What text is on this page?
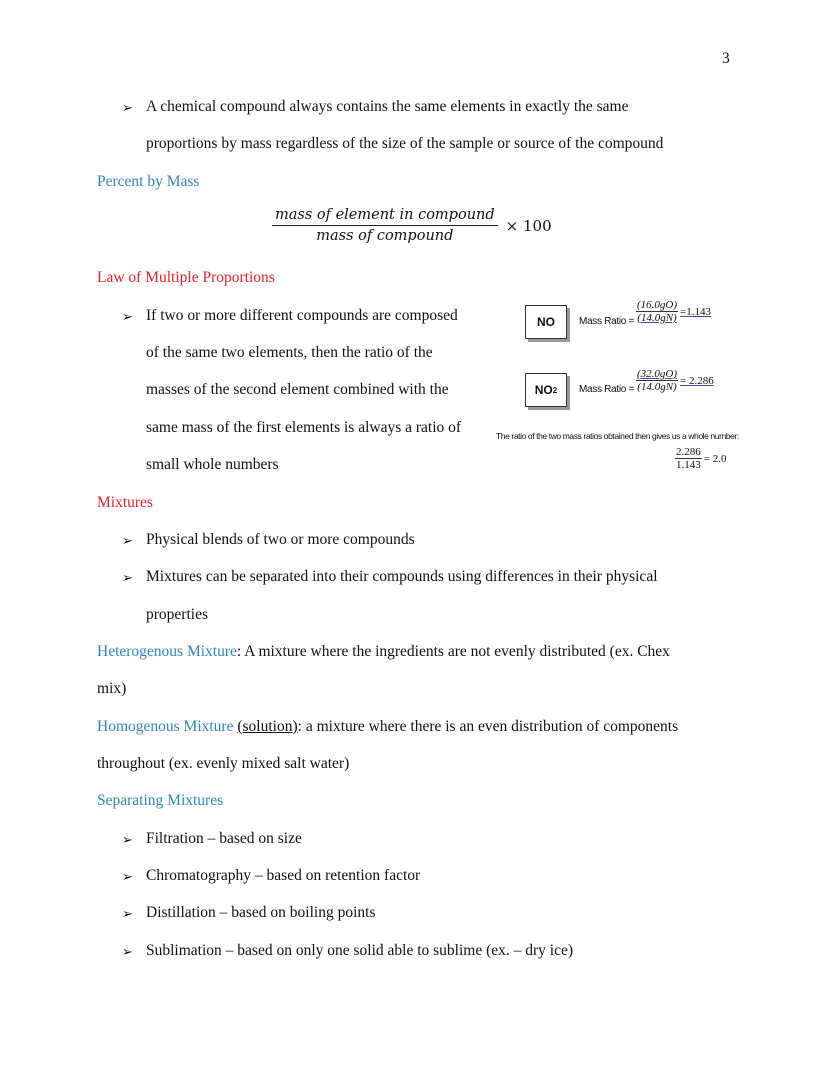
3
➢ A chemical compound always contains the same elements in exactly the same
proportions by mass regardless of the size of the sample or source of the compound
Percent by Mass
$\frac{\text{mass of element in compound}}{\text{mass of compound}} \times 100$
Law of Multiple Proportions
➢ If two or more different compounds are composed
of the same two elements, then the ratio of the
masses of the second element combined with the
same mass of the first elements is always a ratio of
small whole numbers
NO Mass Ratio = $\frac{(16.0gO)}{(14.0gN)} =1.143$
NO 2 Mass Ratio = $\frac{(32.0gO)}{(14.0gN)} = 2.286$
The ratio of the two mass ratios obtained then gives us a whole number:
$\frac{2.286}{1.143} = 2.0$
Mixtures
➢ Physical blends of two or more compounds
➢ Mixtures can be separated into their compounds using differences in their physical
properties
Heterogenous Mixture: A mixture where the ingredients are not evenly distributed (ex. Chex
mix)
Homogenous Mixture (solution): a mixture where there is an even distribution of components
throughout (ex. evenly mixed salt water)
Separating Mixtures
➢ Filtration – based on size
➢ Chromatography – based on retention factor
➢ Distillation – based on boiling points
➢ Sublimation – based on only one solid able to sublime (ex. – dry ice)
